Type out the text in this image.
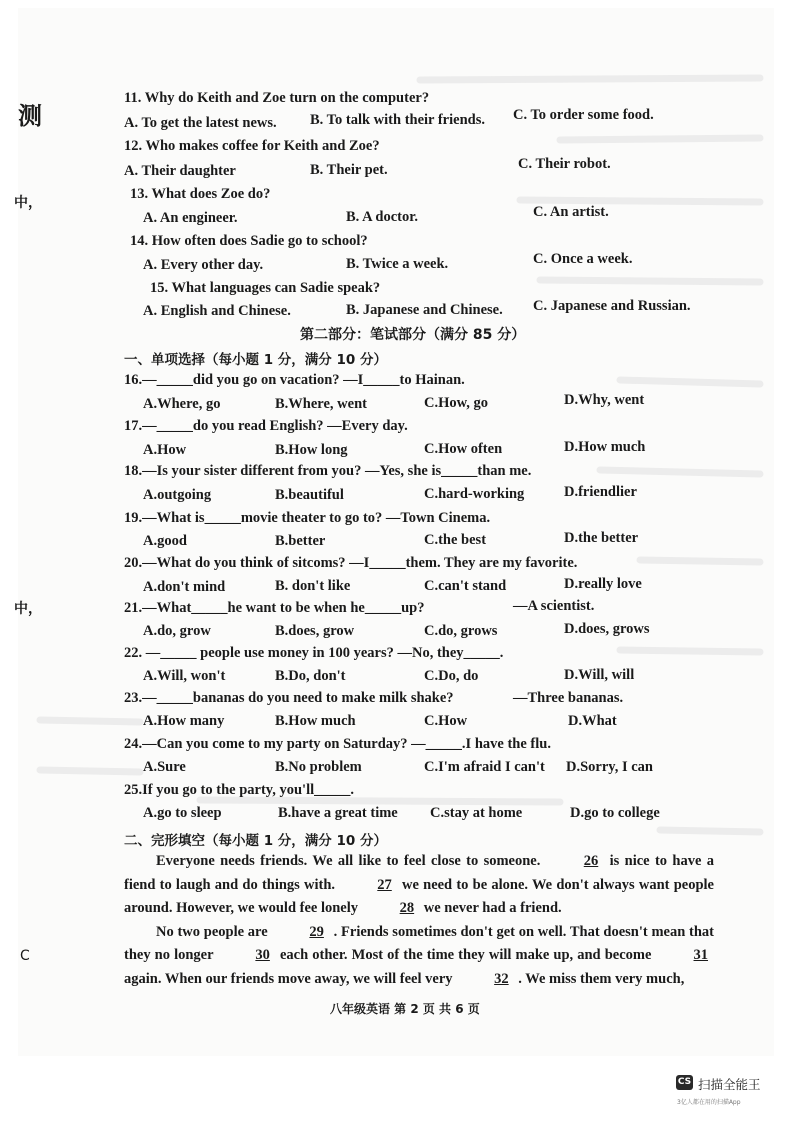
测
中，
中，
C
11. Why do Keith and Zoe turn on the computer?
A. To get the latest news. B. To talk with their friends. C. To order some food.
12. Who makes coffee for Keith and Zoe?
A. Their daughter	B. Their pet.	C. Their robot.
13. What does Zoe do?
A. An engineer.	B. A doctor.	C. An artist.
14. How often does Sadie go to school?
A. Every other day.	B. Twice a week.	C. Once a week.
15. What languages can Sadie speak?
A. English and Chinese.	B. Japanese and Chinese. C. Japanese and Russian.
第二部分：笔试部分（满分 85 分）
一、单项选择（每小题 1 分，满分 10 分）
16.—_____did you go on vacation? —I_____to Hainan.
A.Where, go	B.Where, went	C.How, go	D.Why, went
17.—_____do you read English? —Every day.
A.How	B.How long	C.How often	D.How much
18.—Is your sister different from you? —Yes, she is_____than me.
A.outgoing	B.beautiful	C.hard-working	D.friendlier
19.—What is_____movie theater to go to? —Town Cinema.
A.good	B.better	C.the best	D.the better
20.—What do you think of sitcoms? —I_____them. They are my favorite.
A.don't mind	B. don't like	C.can't stand	D.really love
21.—What_____he want to be when he_____up?	—A scientist.
A.do, grow	B.does, grow	C.do, grows	D.does, grows
22. —_____ people use money in 100 years? —No, they_____.
A.Will, won't	B.Do, don't	C.Do, do	D.Will, will
23.—_____bananas do you need to make milk shake?	—Three bananas.
A.How many	B.How much	C.How	D.What
24.—Can you come to my party on Saturday? —_____.I have the flu.
A.Sure	B.No problem	C.I'm afraid I can't D.Sorry, I can
25.If you go to the party, you'll_____.
A.go to sleep	B.have a great time C.stay at home	D.go to college
二、完形填空（每小题 1 分，满分 10 分）

Everyone needs friends. We all like to feel close to someone.	26 is nice to have a fiend to laugh and do things with.	27 we need to be alone. We don't always want people around. However, we would fee lonely	28 we never had a friend.

No two people are	29 . Friends sometimes don't get on well. That doesn't mean that they no longer	30 each other. Most of the time they will make up, and become	31 again. When our friends move away, we will feel very	32 . We miss them very much,

八年级英语 第 2 页 共 6 页
CS 扫描全能王
3亿人都在用的扫描App
